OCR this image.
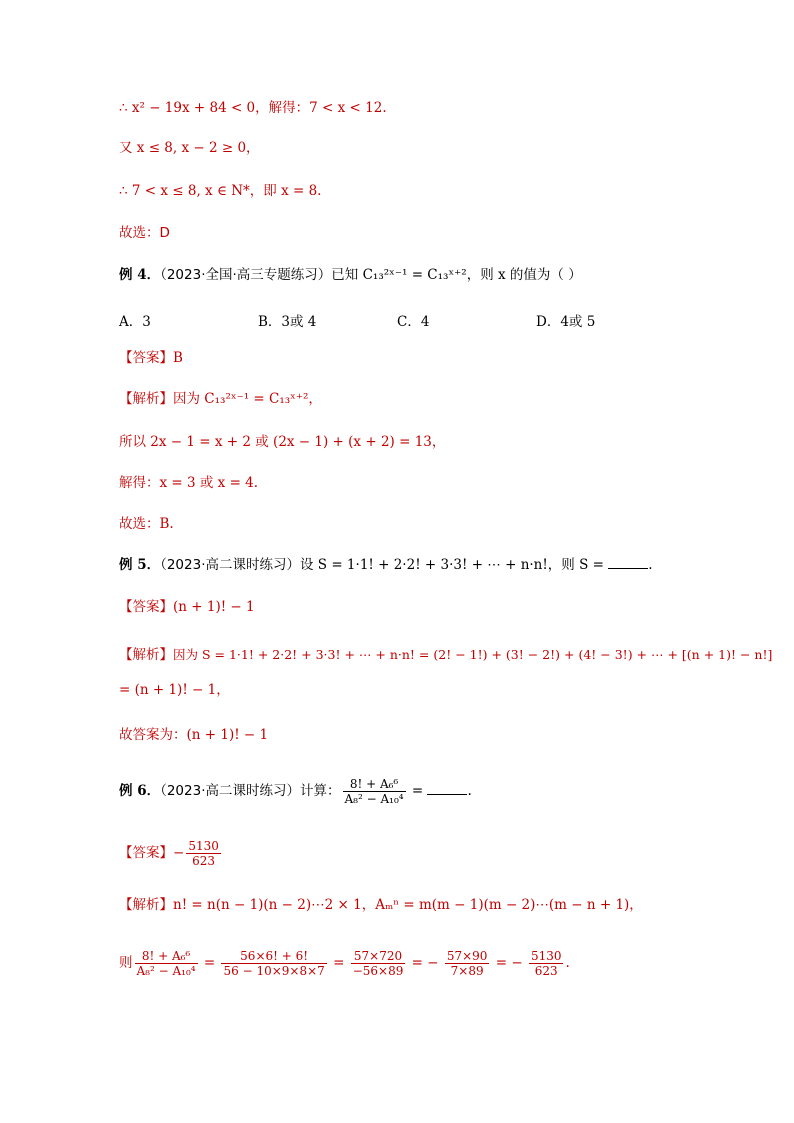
∴ x² − 19x + 84 < 0，解得：7 < x < 12.
又 x ≤ 8, x − 2 ≥ 0，
∴ 7 < x ≤ 8, x ∈ N*，即 x = 8.
故选：D
例 4．（2023·全国·高三专题练习）已知 C₁₃²ˣ⁻¹ = C₁₃ˣ⁺²，则 x 的值为（ ）
A．3	B．3或 4	C．4	D．4或 5
【答案】B
【解析】因为 C₁₃²ˣ⁻¹ = C₁₃ˣ⁺²，
所以 2x − 1 = x + 2 或 (2x − 1) + (x + 2) = 13，
解得：x = 3 或 x = 4.
故选：B.
例 5．（2023·高二课时练习）设 S = 1·1! + 2·2! + 3·3! + ⋯ + n·n!，则 S =	.
【答案】(n + 1)! − 1
【解析】因为 S = 1·1! + 2·2! + 3·3! + ⋯ + n·n! = (2! − 1!) + (3! − 2!) + (4! − 3!) + ⋯ + [(n + 1)! − n!]
= (n + 1)! − 1，
故答案为：(n + 1)! − 1
例 6．（2023·高二课时练习）计算： $\frac{\text{8! + A₆⁶}}{\text{A₈² − A₁₀⁴}}$ =	.
【答案】− $\frac{5130}{623}$
【解析】n! = n(n − 1)(n − 2)⋯2 × 1，Aₘⁿ = m(m − 1)(m − 2)⋯(m − n + 1)，
则 $\frac{\text{8! + A₆⁶}}{\text{A₈² − A₁₀⁴}} = \frac{56\times 6! + 6!}{56 - 10\times 9\times 8\times 7} = \frac{57\times 720}{-56\times 89}$ = − $\frac{57\times 90}{7\times 89}$ = − $\frac{5130}{623}$ .
